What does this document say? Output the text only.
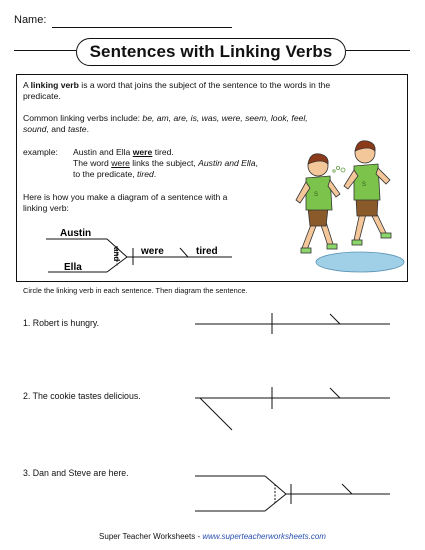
Name:
Sentences with Linking Verbs
A linking verb is a word that joins the subject of the sentence to the words in the
predicate.
Common linking verbs include: be, am, are, is, was, were, seem, look, feel,
sound, and taste.
example: Austin and Ella were tired.
The word were links the subject, Austin and Ella,
to the predicate, tired.
Here is how you make a diagram of a sentence with a
linking verb:
Austin
Ella
and were	tired
S
S
Circle the linking verb in each sentence. Then diagram the sentence.
1. Robert is hungry.
2. The cookie tastes delicious.
3. Dan and Steve are here.
Super Teacher Worksheets - www.superteacherworksheets.com
